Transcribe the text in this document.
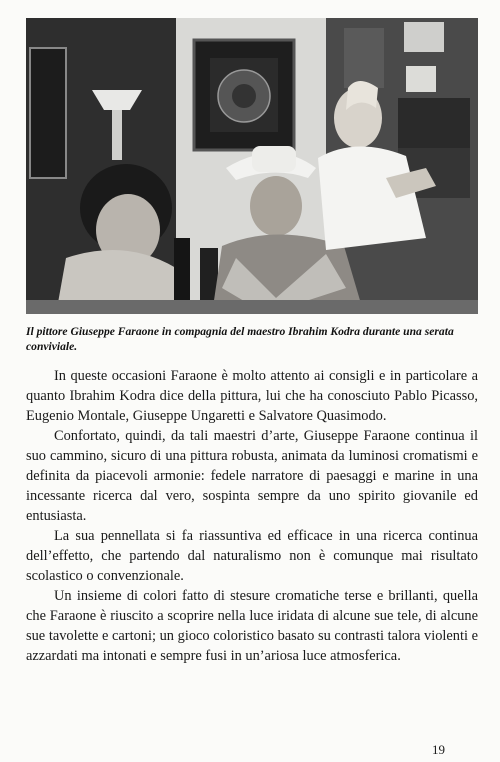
Il pittore Giuseppe Faraone in compagnia del maestro Ibrahim Kodra durante una serata conviviale.

In queste occasioni Faraone è molto attento ai consigli e in particolare a quanto Ibrahim Kodra dice della pittura, lui che ha conosciuto Pablo Picasso, Eugenio Montale, Giuseppe Ungaretti e Salvatore Quasimodo.

Confortato, quindi, da tali maestri d’arte, Giuseppe Faraone continua il suo cammino, sicuro di una pittura robusta, animata da luminosi cromatismi e definita da piacevoli armonie: fedele narratore di paesaggi e marine in una incessante ricerca dal vero, sospinta sempre da uno spirito giovanile ed entusiasta.

La sua pennellata si fa riassuntiva ed efficace in una ricerca continua dell’effetto, che partendo dal naturalismo non è comunque mai risultato scolastico o convenzionale.

Un insieme di colori fatto di stesure cromatiche terse e brillanti, quella che Faraone è riuscito a scoprire nella luce iridata di alcune sue tele, di alcune sue tavolette e cartoni; un gioco coloristico basato su contrasti talora violenti e azzardati ma intonati e sempre fusi in un’ariosa luce atmosferica.

19
